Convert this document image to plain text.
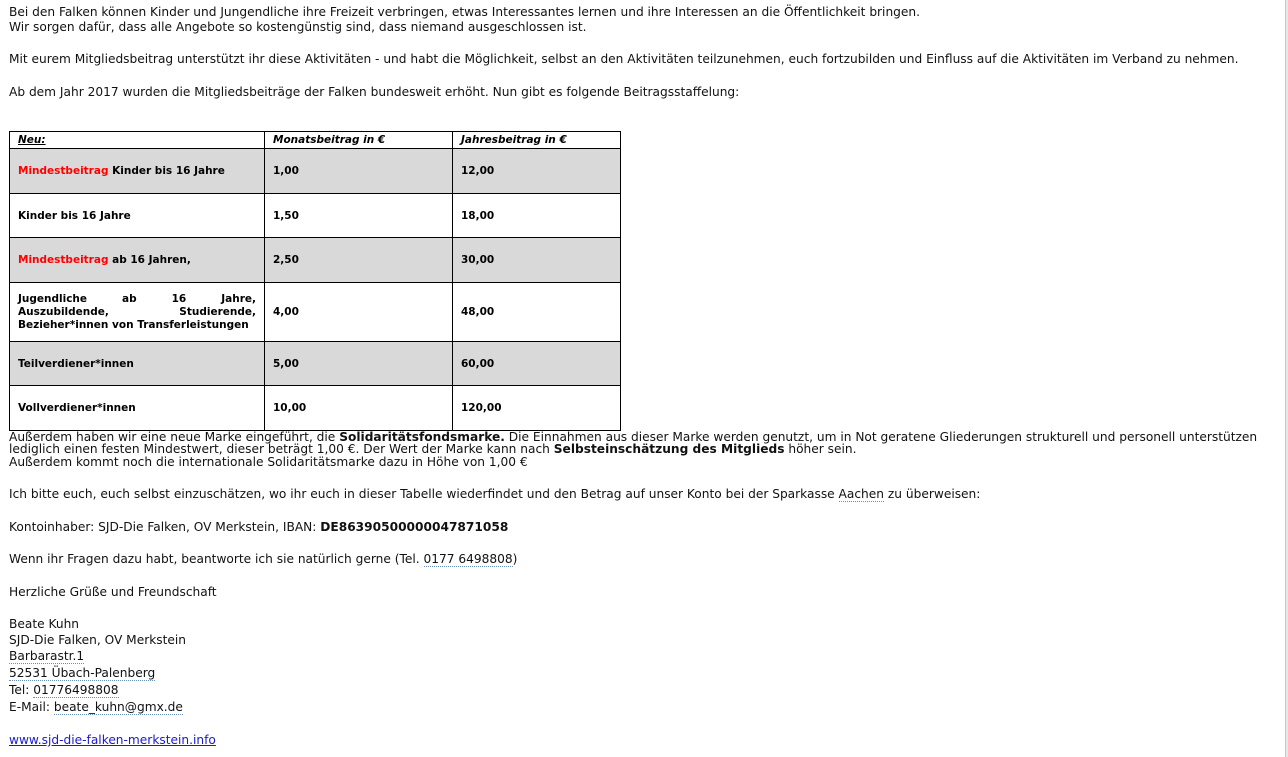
Bei den Falken können Kinder und Jungendliche ihre Freizeit verbringen, etwas Interessantes lernen und ihre Interessen an die Öffentlichkeit bringen.
Wir sorgen dafür, dass alle Angebote so kostengünstig sind, dass niemand ausgeschlossen ist.
Mit eurem Mitgliedsbeitrag unterstützt ihr diese Aktivitäten - und habt die Möglichkeit, selbst an den Aktivitäten teilzunehmen, euch fortzubilden und Einfluss auf die Aktivitäten im Verband zu nehmen.
Ab dem Jahr 2017 wurden die Mitgliedsbeiträge der Falken bundesweit erhöht. Nun gibt es folgende Beitragsstaffelung:
Neu:	Monatsbeitrag in €	Jahresbeitrag in €
Mindestbeitrag Kinder bis 16 Jahre	1,00	12,00
Kinder bis 16 Jahre	1,50	18,00
Mindestbeitrag ab 16 Jahren,	2,50	30,00

Jugendliche ab 16 Jahre, Auszubildende, Studierende, Bezieher*innen von Transferleistungen	4,00	48,00
Teilverdiener*innen	5,00	60,00
Vollverdiener*innen	10,00	120,00
Außerdem haben wir eine neue Marke eingeführt, die Solidaritätsfondsmarke. Die Einnahmen aus dieser Marke werden genutzt, um in Not geratene Gliederungen strukturell und personell unterstützen
lediglich einen festen Mindestwert, dieser beträgt 1,00 €. Der Wert der Marke kann nach Selbsteinschätzung des Mitglieds höher sein.
Außerdem kommt noch die internationale Solidaritätsmarke dazu in Höhe von 1,00 €
Ich bitte euch, euch selbst einzuschätzen, wo ihr euch in dieser Tabelle wiederfindet und den Betrag auf unser Konto bei der Sparkasse Aachen zu überweisen:
Kontoinhaber: SJD-Die Falken, OV Merkstein, IBAN: DE86390500000047871058
Wenn ihr Fragen dazu habt, beantworte ich sie natürlich gerne (Tel. 0177 6498808)
Herzliche Grüße und Freundschaft
Beate Kuhn
SJD-Die Falken, OV Merkstein
Barbarastr.1
52531 Übach-Palenberg
Tel: 01776498808
E-Mail: beate_kuhn@gmx.de
www.sjd-die-falken-merkstein.info
